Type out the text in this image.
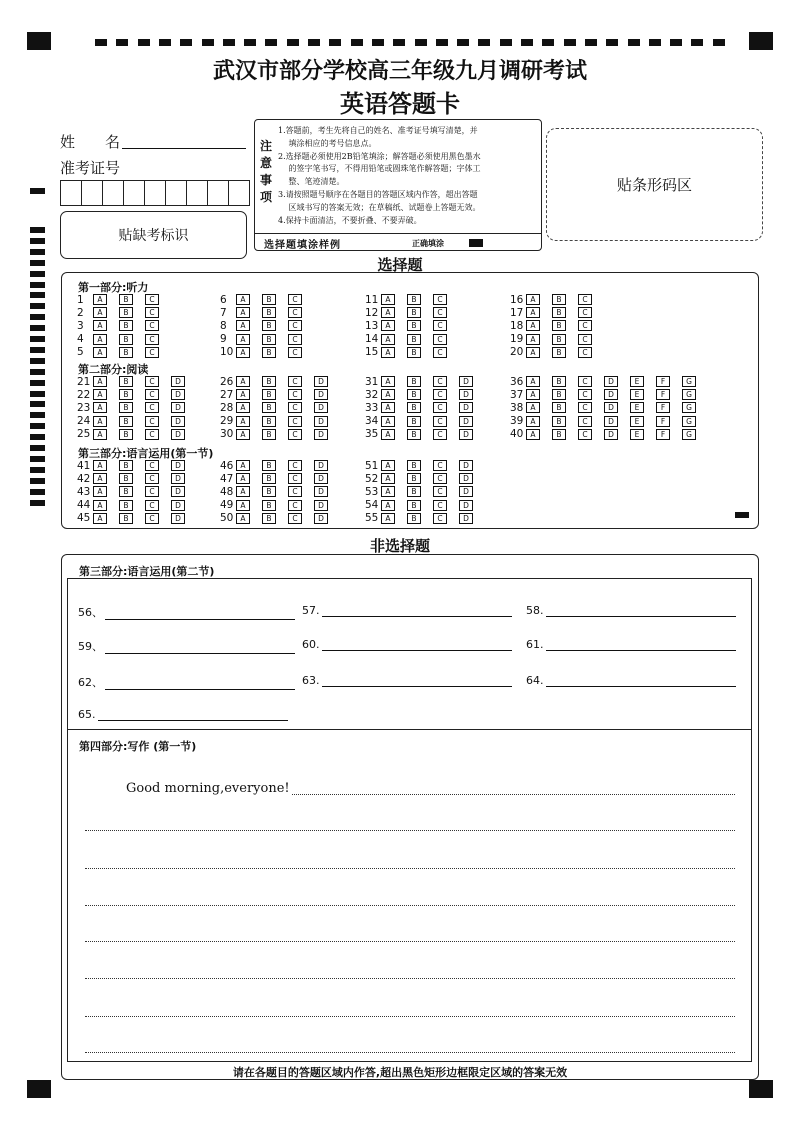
武汉市部分学校高三年级九月调研考试
英语答题卡
姓　　名
准考证号
贴缺考标识
注
意
事
项
1.答题前，考生先将自己的姓名、准考证号填写清楚，并
　 填涂相应的考号信息点。
2.选择题必须使用2B铅笔填涂；解答题必须使用黑色墨水
　 的签字笔书写，不得用铅笔或圆珠笔作解答题；字体工
　 整、笔迹清楚。
3.请按照题号顺序在各题目的答题区域内作答，超出答题
　 区域书写的答案无效；在草稿纸、试题卷上答题无效。
4.保持卡面清洁，不要折叠、不要弄破。
选择题填涂样例	正确填涂
贴条形码区
选择题
第一部分:听力
1	A	B	C
2	A	B	C
3	A	B	C
4	A	B	C
5	A	B	C
6	A	B	C
7	A	B	C
8	A	B	C
9	A	B	C
10 A	B	C
11 A	B	C
12 A	B	C
13 A	B	C
14 A	B	C
15 A	B	C
16 A	B	C
17 A	B	C
18 A	B	C
19 A	B	C
20 A	B	C
第二部分:阅读
21 A	B	C	D
22 A	B	C	D
23 A	B	C	D
24 A	B	C	D
25 A	B	C	D
26 A	B	C	D
27 A	B	C	D
28 A	B	C	D
29 A	B	C	D
30 A	B	C	D
31 A	B	C	D
32 A	B	C	D
33 A	B	C	D
34 A	B	C	D
35 A	B	C	D
36 A	B	C	D	E	F	G
37 A	B	C	D	E	F	G
38 A	B	C	D	E	F	G
39 A	B	C	D	E	F	G
40 A	B	C	D	E	F	G
第三部分:语言运用(第一节)
41 A	B	C	D
42 A	B	C	D
43 A	B	C	D
44 A	B	C	D
45 A	B	C	D
46 A	B	C	D
47 A	B	C	D
48 A	B	C	D
49 A	B	C	D
50 A	B	C	D
51 A	B	C	D
52 A	B	C	D
53 A	B	C	D
54 A	B	C	D
55 A	B	C	D
非选择题
第三部分:语言运用(第二节)
56、	57.	58.
59、	60.	61.
62、	63.	64.
65.
第四部分:写作 (第一节)
Good morning,everyone!
请在各题目的答题区域内作答,超出黑色矩形边框限定区域的答案无效
